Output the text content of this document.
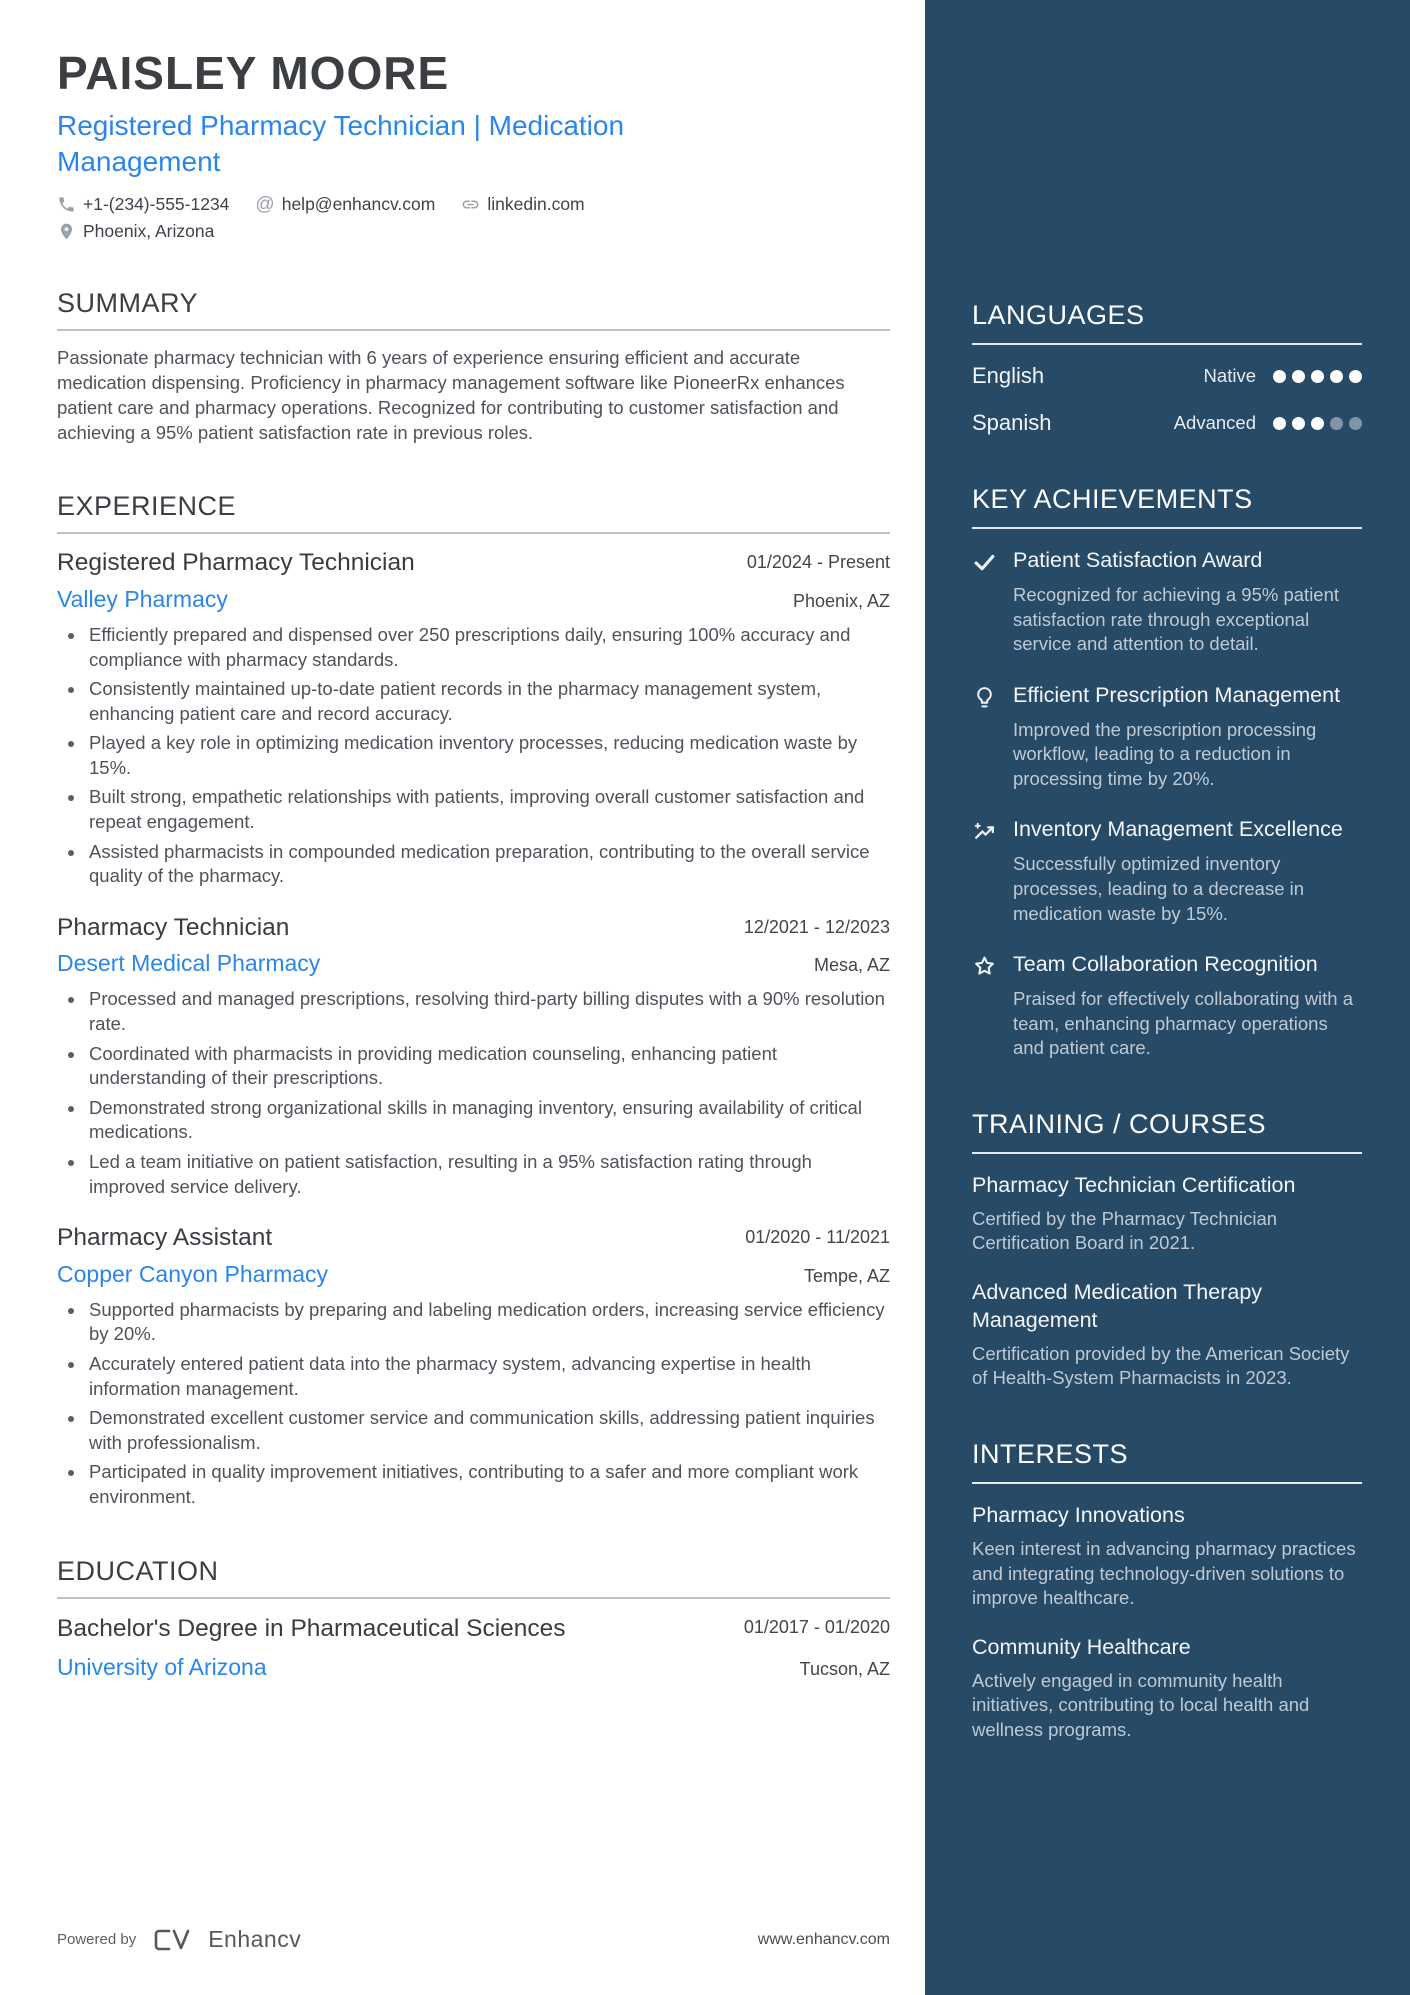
PAISLEY MOORE
Registered Pharmacy Technician | Medication Management
+1-(234)-555-1234 @ help@enhancv.com	linkedin.com
Phoenix, Arizona
SUMMARY
Passionate pharmacy technician with 6 years of experience ensuring efficient and accurate medication dispensing. Proficiency in pharmacy management software like PioneerRx enhances patient care and pharmacy operations. Recognized for contributing to customer satisfaction and achieving a 95% patient satisfaction rate in previous roles.
EXPERIENCE
Registered Pharmacy Technician	01/2024 - Present
Valley Pharmacy	Phoenix, AZ
• Efficiently prepared and dispensed over 250 prescriptions daily, ensuring 100% accuracy and compliance with pharmacy standards.
• Consistently maintained up-to-date patient records in the pharmacy management system, enhancing patient care and record accuracy.
• Played a key role in optimizing medication inventory processes, reducing medication waste by 15%.
• Built strong, empathetic relationships with patients, improving overall customer satisfaction and repeat engagement.
• Assisted pharmacists in compounded medication preparation, contributing to the overall service quality of the pharmacy.
Pharmacy Technician	12/2021 - 12/2023
Desert Medical Pharmacy	Mesa, AZ
• Processed and managed prescriptions, resolving third-party billing disputes with a 90% resolution rate.
• Coordinated with pharmacists in providing medication counseling, enhancing patient understanding of their prescriptions.
• Demonstrated strong organizational skills in managing inventory, ensuring availability of critical medications.
• Led a team initiative on patient satisfaction, resulting in a 95% satisfaction rating through improved service delivery.
Pharmacy Assistant	01/2020 - 11/2021
Copper Canyon Pharmacy	Tempe, AZ
• Supported pharmacists by preparing and labeling medication orders, increasing service efficiency by 20%.
• Accurately entered patient data into the pharmacy system, advancing expertise in health information management.
• Demonstrated excellent customer service and communication skills, addressing patient inquiries with professionalism.
• Participated in quality improvement initiatives, contributing to a safer and more compliant work environment.
EDUCATION
Bachelor's Degree in Pharmaceutical Sciences	01/2017 - 01/2020
University of Arizona	Tucson, AZ
Powered by	Enhancv	www.enhancv.com
LANGUAGES
English	Native
Spanish	Advanced
KEY ACHIEVEMENTS
Patient Satisfaction Award
Recognized for achieving a 95% patient satisfaction rate through exceptional service and attention to detail.
Efficient Prescription Management
Improved the prescription processing workflow, leading to a reduction in processing time by 20%.
Inventory Management Excellence
Successfully optimized inventory processes, leading to a decrease in medication waste by 15%.
Team Collaboration Recognition
Praised for effectively collaborating with a team, enhancing pharmacy operations and patient care.
TRAINING / COURSES
Pharmacy Technician Certification
Certified by the Pharmacy Technician Certification Board in 2021.
Advanced Medication Therapy Management
Certification provided by the American Society of Health-System Pharmacists in 2023.
INTERESTS
Pharmacy Innovations
Keen interest in advancing pharmacy practices and integrating technology-driven solutions to improve healthcare.
Community Healthcare
Actively engaged in community health initiatives, contributing to local health and wellness programs.
